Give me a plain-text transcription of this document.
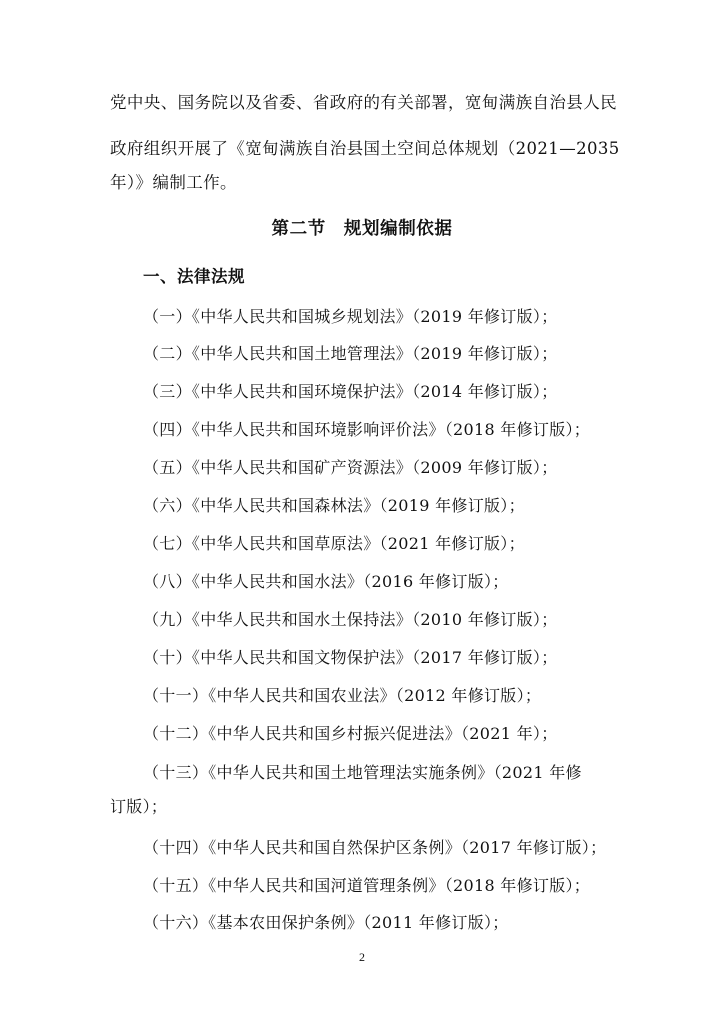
党中央、国务院以及省委、省政府的有关部署，宽甸满族自治县人民
政府组织开展了《宽甸满族自治县国土空间总体规划（2021—2035
年）》编制工作。
第二节　规划编制依据
一、法律法规
（一）《中华人民共和国城乡规划法》（2019 年修订版）；
（二）《中华人民共和国土地管理法》（2019 年修订版）；
（三）《中华人民共和国环境保护法》（2014 年修订版）；
（四）《中华人民共和国环境影响评价法》（2018 年修订版）；
（五）《中华人民共和国矿产资源法》（2009 年修订版）；
（六）《中华人民共和国森林法》（2019 年修订版）；
（七）《中华人民共和国草原法》（2021 年修订版）；
（八）《中华人民共和国水法》（2016 年修订版）；
（九）《中华人民共和国水土保持法》（2010 年修订版）；
（十）《中华人民共和国文物保护法》（2017 年修订版）；
（十一）《中华人民共和国农业法》（2012 年修订版）；
（十二）《中华人民共和国乡村振兴促进法》（2021 年）；
（十三）《中华人民共和国土地管理法实施条例》（2021 年修
订版）；
（十四）《中华人民共和国自然保护区条例》（2017 年修订版）；
（十五）《中华人民共和国河道管理条例》（2018 年修订版）；
（十六）《基本农田保护条例》（2011 年修订版）；
2
